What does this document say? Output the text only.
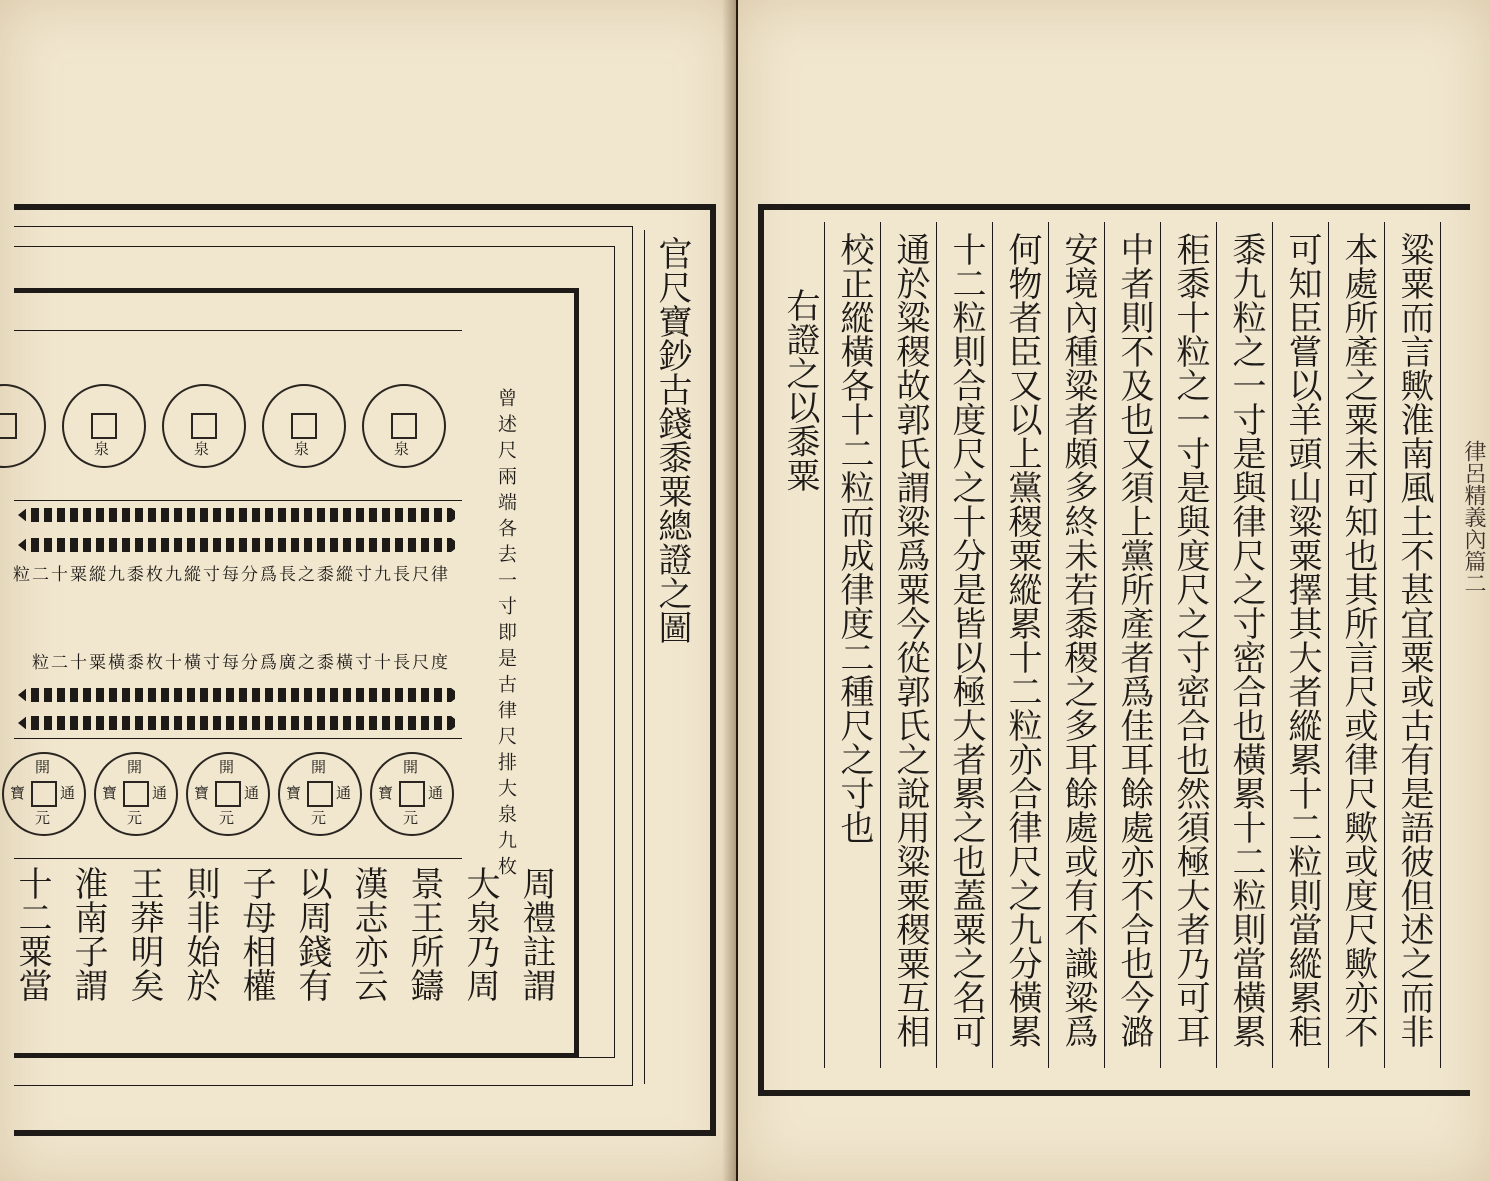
官尺寶鈔古錢黍粟總證之圖
曾述尺兩端各去一寸即是古律尺排大泉九枚
泉
泉
泉
泉
律尺長九寸縱黍之長爲分每寸縱九枚黍九縱粟十二粒
度尺長十寸橫黍之廣爲分每寸橫十枚黍橫粟十二粒
開
通
元
寶
開
通
元
寶
開
通
元
寶
開
通
元
寶
開
通
元
寶
周禮註謂
大泉乃周
景王所鑄
漢志亦云
以周錢有
子母相權
則非始於
王莽明矣
淮南子謂
十二粟當	粱粟而言歟淮南風土不甚宜粟或古有是語彼但述之而非
本處所產之粟未可知也其所言尺或律尺歟或度尺歟亦不
可知臣嘗以羊頭山粱粟擇其大者縱累十二粒則當縱累秬
黍九粒之一寸是與律尺之寸密合也橫累十二粒則當橫累
秬黍十粒之一寸是與度尺之寸密合也然須極大者乃可耳
中者則不及也又須上黨所產者爲佳耳餘處亦不合也今潞
安境內種粱者頗多終未若黍稷之多耳餘處或有不識粱爲
何物者臣又以上黨稷粟縱累十二粒亦合律尺之九分橫累
十二粒則合度尺之十分是皆以極大者累之也蓋粟之名可
通於粱稷故郭氏謂粱爲粟今從郭氏之說用粱粟稷粟互相
校正縱橫各十二粒而成律度二種尺之寸也
右證之以黍粟
律呂精義內篇二
